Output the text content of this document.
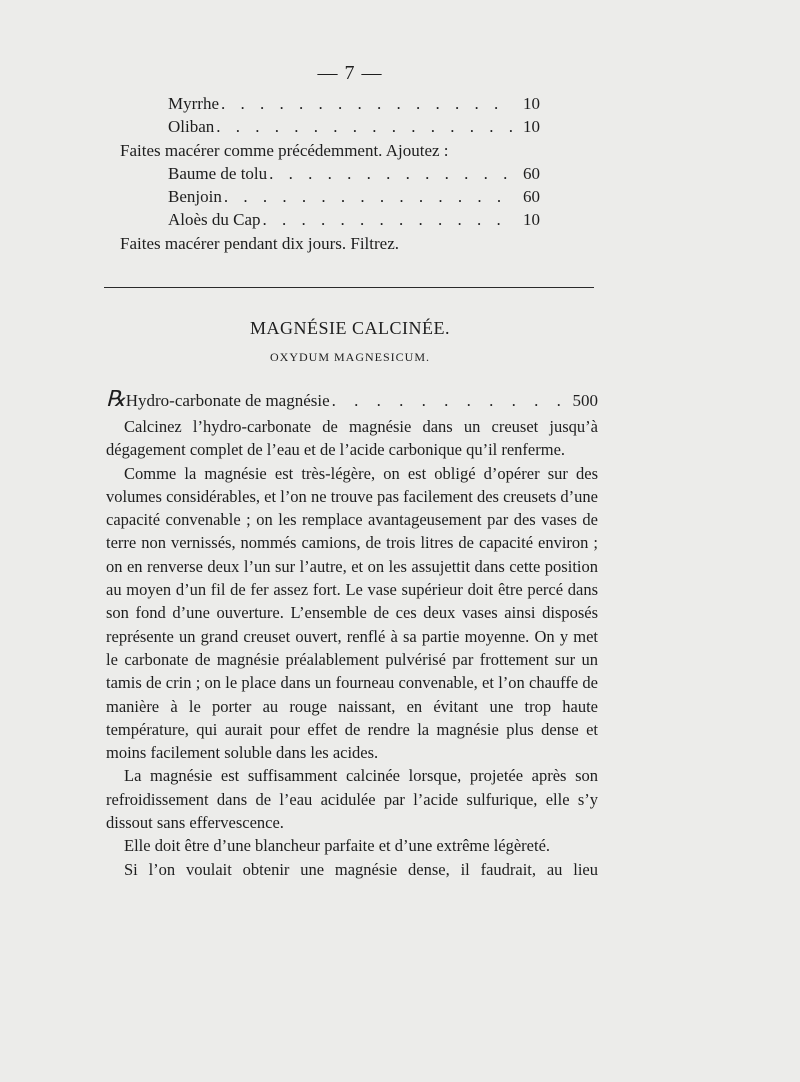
— 7 —
Myrrhe . . .	10
Oliban . . .	10
Faites macérer comme précédemment. Ajoutez :
Baume de tolu . . .	60
Benjoin . . .	60
Aloès du Cap . . .	10
Faites macérer pendant dix jours. Filtrez.
MAGNÉSIE CALCINÉE.
OXYDUM MAGNESICUM.
℞ Hydro-carbonate de magnésie . . .	500

Calcinez l’hydro-carbonate de magnésie dans un creuset jusqu’à dégagement complet de l’eau et de l’acide carbonique qu’il renferme.

Comme la magnésie est très-légère, on est obligé d’opérer sur des volumes considérables, et l’on ne trouve pas facilement des creusets d’une capacité convenable ; on les remplace avantageusement par des vases de terre non vernissés, nommés camions, de trois litres de capacité environ ; on en renverse deux l’un sur l’autre, et on les assujettit dans cette position au moyen d’un fil de fer assez fort. Le vase supérieur doit être percé dans son fond d’une ouverture. L’ensemble de ces deux vases ainsi disposés représente un grand creuset ouvert, renflé à sa partie moyenne. On y met le carbonate de magnésie préalablement pulvérisé par frottement sur un tamis de crin ; on le place dans un fourneau convenable, et l’on chauffe de manière à le porter au rouge naissant, en évitant une trop haute température, qui aurait pour effet de rendre la magnésie plus dense et moins facilement soluble dans les acides.

La magnésie est suffisamment calcinée lorsque, projetée après son refroidissement dans de l’eau acidulée par l’acide sulfurique, elle s’y dissout sans effervescence.

Elle doit être d’une blancheur parfaite et d’une extrême légèreté.

Si l’on voulait obtenir une magnésie dense, il faudrait, au lieu
